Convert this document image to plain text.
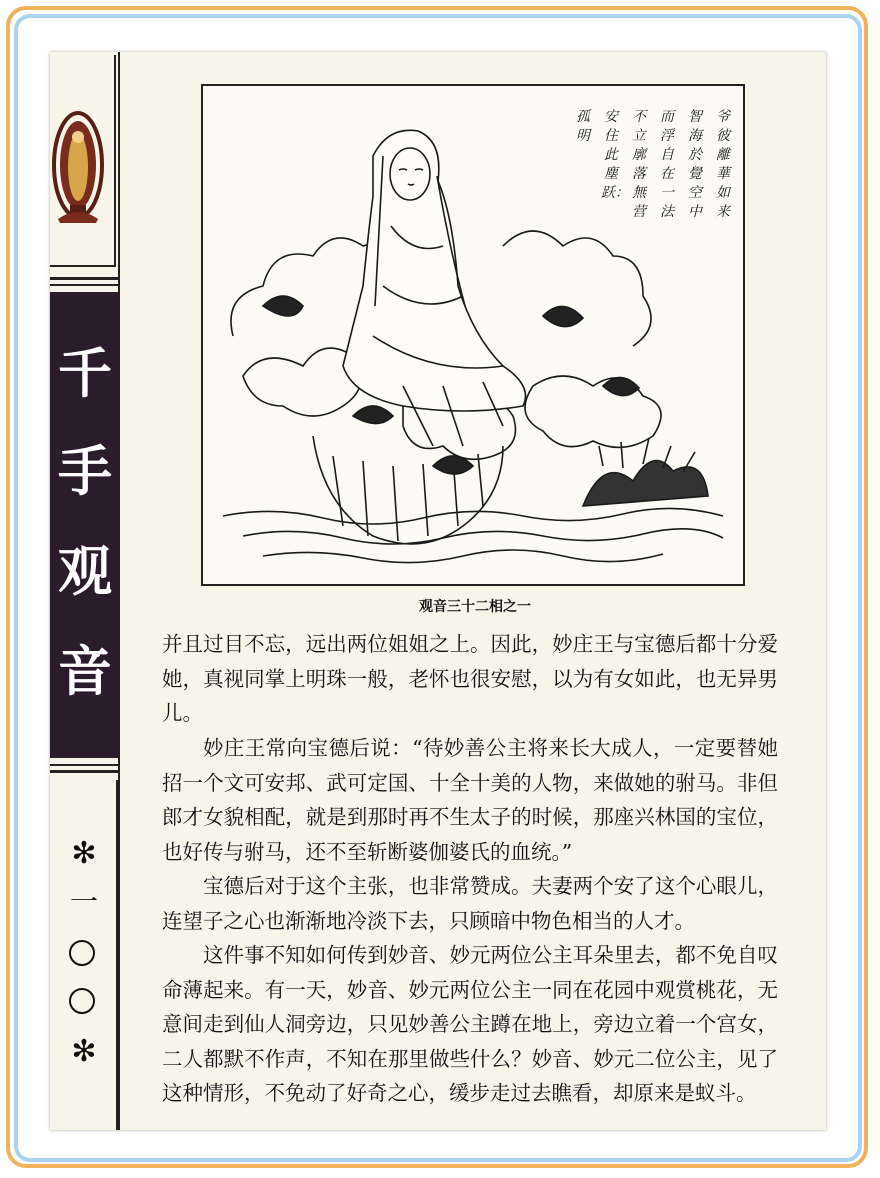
千
手
观
音
✻
一
✻
爷彼離華如来
智海於覺空中
而浮自在一法
不立廓落無营
安住此塵跃：
孤明
观音三十二相之一

并且过目不忘，远出两位姐姐之上。因此，妙庄王与宝德后都十分爱她，真视同掌上明珠一般，老怀也很安慰，以为有女如此，也无异男儿。

妙庄王常向宝德后说：“待妙善公主将来长大成人，一定要替她招一个文可安邦、武可定国、十全十美的人物，来做她的驸马。非但郎才女貌相配，就是到那时再不生太子的时候，那座兴林国的宝位，也好传与驸马，还不至斩断婆伽婆氏的血统。”

宝德后对于这个主张，也非常赞成。夫妻两个安了这个心眼儿，连望子之心也渐渐地冷淡下去，只顾暗中物色相当的人才。

这件事不知如何传到妙音、妙元两位公主耳朵里去，都不免自叹命薄起来。有一天，妙音、妙元两位公主一同在花园中观赏桃花，无意间走到仙人洞旁边，只见妙善公主蹲在地上，旁边立着一个宫女，二人都默不作声，不知在那里做些什么？妙音、妙元二位公主，见了这种情形，不免动了好奇之心，缓步走过去瞧看，却原来是蚁斗。
